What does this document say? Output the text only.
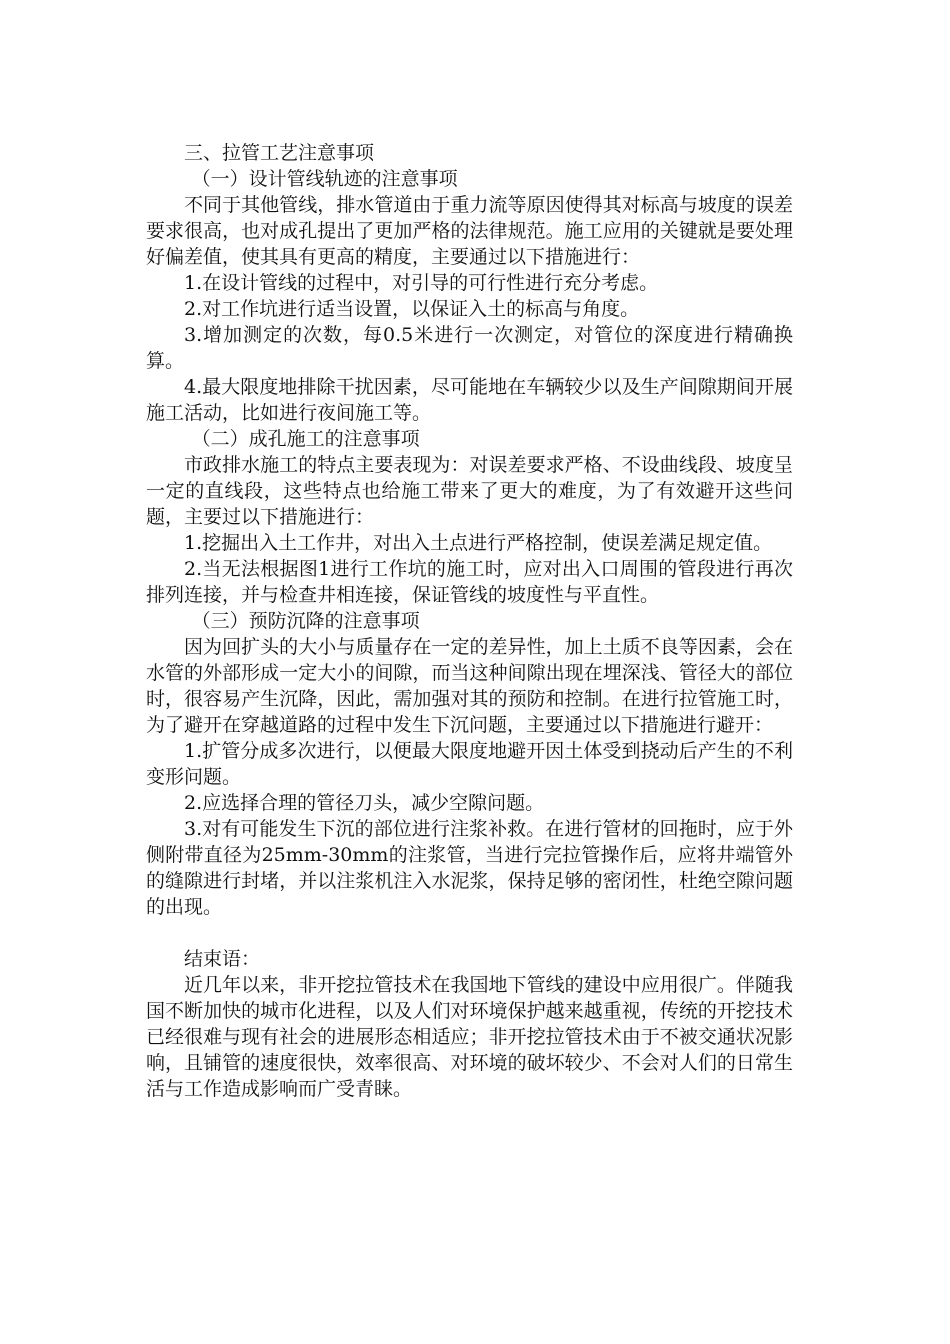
三、拉管工艺注意事项

（一）设计管线轨迹的注意事项

不同于其他管线，排水管道由于重力流等原因使得其对标高与坡度的误差要求很高，也对成孔提出了更加严格的法律规范。施工应用的关键就是要处理好偏差值，使其具有更高的精度，主要通过以下措施进行：

1.在设计管线的过程中，对引导的可行性进行充分考虑。

2.对工作坑进行适当设置，以保证入土的标高与角度。

3.增加测定的次数，每0.5米进行一次测定，对管位的深度进行精确换算。

4.最大限度地排除干扰因素，尽可能地在车辆较少以及生产间隙期间开展施工活动，比如进行夜间施工等。

（二）成孔施工的注意事项

市政排水施工的特点主要表现为：对误差要求严格、不设曲线段、坡度呈一定的直线段，这些特点也给施工带来了更大的难度，为了有效避开这些问题，主要过以下措施进行：

1.挖掘出入土工作井，对出入土点进行严格控制，使误差满足规定值。

2.当无法根据图1进行工作坑的施工时，应对出入口周围的管段进行再次排列连接，并与检查井相连接，保证管线的坡度性与平直性。

（三）预防沉降的注意事项

因为回扩头的大小与质量存在一定的差异性，加上土质不良等因素，会在水管的外部形成一定大小的间隙，而当这种间隙出现在埋深浅、管径大的部位时，很容易产生沉降，因此，需加强对其的预防和控制。在进行拉管施工时，为了避开在穿越道路的过程中发生下沉问题，主要通过以下措施进行避开：

1.扩管分成多次进行，以便最大限度地避开因土体受到挠动后产生的不利变形问题。

2.应选择合理的管径刀头，减少空隙问题。

3.对有可能发生下沉的部位进行注浆补救。在进行管材的回拖时，应于外侧附带直径为25mm-30mm的注浆管，当进行完拉管操作后，应将井端管外的缝隙进行封堵，并以注浆机注入水泥浆，保持足够的密闭性，杜绝空隙问题的出现。

结束语：

近几年以来，非开挖拉管技术在我国地下管线的建设中应用很广。伴随我国不断加快的城市化进程，以及人们对环境保护越来越重视，传统的开挖技术已经很难与现有社会的进展形态相适应；非开挖拉管技术由于不被交通状况影响，且铺管的速度很快，效率很高、对环境的破坏较少、不会对人们的日常生活与工作造成影响而广受青睐。
